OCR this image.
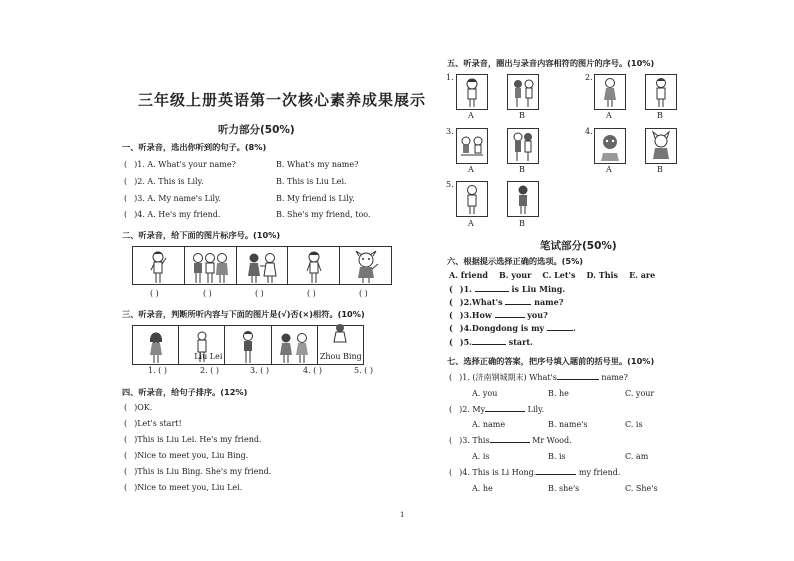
三年级上册英语第一次核心素养成果展示
听力部分(50%)
一、听录音，选出你听到的句子。(8%)
( )1. A. What's your name?	B. What's my name?
( )2. A. This is Lily.	B. This is Liu Lei.
( )3. A. My name's Lily.	B. My friend is Lily.
( )4. A. He's my friend.	B. She's my friend, too.
二、听录音，给下面的图片标序号。(10%)
( )	( )	( )	( )	( )
三、听录音，判断所听内容与下面的图片是(√)否(×)相符。(10%)
Liu Lei	Zhou Bing
1. ( )	2. ( )	3. ( )	4. ( )	5. ( )
四、听录音，给句子排序。(12%)
( )OK.
( )Let's start!
( )This is Liu Lei. He's my friend.
( )Nice to meet you, Liu Bing.
( )This is Liu Bing. She's my friend.
( )Nice to meet you, Liu Lei.
1
五、听录音，圈出与录音内容相符的图片的序号。(10%)
1.
A	B
2.
A	B
3.
A	B
4.
A	B
5.
A	B
笔试部分(50%)
六、根据提示选择正确的选项。(5%)
A. friend B. your C. Let's D. This E. are
( )1.	is Liu Ming.
( )2.What's	name?
( )3.How	you?
( )4.Dongdong is my	.
( )5.	start.
七、选择正确的答案，把序号填入题前的括号里。(10%)
( )1. (济南钢城期末) What's	name?
A. you	B. he	C. your
( )2. My	Lily.
A. name	B. name's	C. is
( )3. This	Mr Wood.
A. is	B. is	C. am
( )4. This is Li Hong.	my friend.
A. he	B. she's	C. She's
